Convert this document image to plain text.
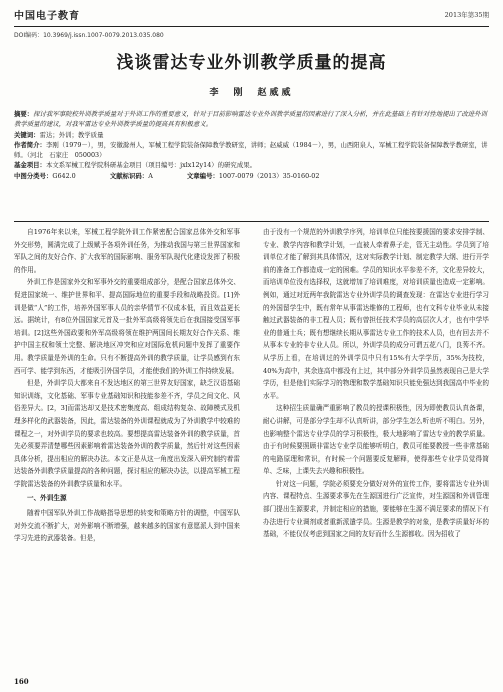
中国电子教育	2013年第35期
DOI编码：10.3969/j.issn.1007-0079.2013.035.080
浅谈雷达专业外训教学质量的提高
李　刚　赵威威

摘要：探讨我军事院校外训教学质量对于外训工作的重要意义，针对于目前影响雷达专业外训教学质量的因素进行了深入分析，并在此基础上有针对性地提出了改进外训教学质量的建议，对我军雷达专业外训教学质量的提高具有积极意义。

关键词：雷达；外训；教学质量

作者简介：李刚（1979－），男，安徽滁州人，军械工程学院装备保障教学教研室，讲师；赵威威（1984－），男，山西阳泉人，军械工程学院装备保障教学教研室，讲师。（河北　石家庄　050003）

基金项目：本文系军械工程学院科研基金项目（项目编号：jxlx12y14）的研究成果。

中图分类号：G642.0	文献标识码：A	文章编号：1007-0079（2013）35-0160-02

自1976年来以来，军械工程学院外训工作紧密配合国家总体外交和军事外交形势，圆满完成了上级赋予各项外训任务，为推动我国与第三世界国家和军队之间的友好合作、扩大我军的国际影响、服务军队现代化建设发挥了积极的作用。

外训工作是国家外交和军事外交的重要组成部分，是配合国家总体外交、促进国家统一、维护世界和平、提高国际地位的重要手段和战略投资。[1]外训是做“人”的工作，培养外国军事人员的亲华情节不仅成本低，而且效益更长远。据统计，有8位外国国家元首及一批外军高级将领先后在我国接受国军事培训。[2]这些外国政要和外军高级将领在维护两国间长期友好合作关系、维护中国主权和领土完整、解决地区冲突和应对国际危机问题中发挥了重要作用。教学质量是外训的生命。只有不断提高外训的教学质量，让学员感到有东西可学、能学到东西，才能吸引外国学员，才能使我们的外训工作持续发展。

但是，外训学员大都来自不发达地区的第三世界友好国家，缺乏汉语基础知识训练，文化基础、军事专业基础知识和技能参差不齐，学员之间文化、风俗差异大。[2，3]而雷达却又是技术密集度高、组成结构复杂、故障模式及机理多样化的武器装备，因此，雷达装备的外训课程就成为了外训教学中较难的课程之一，对外训学员的要求也较高。要想提高雷达装备外训的教学质量，首先必须要弄清楚哪些因素影响着雷达装备外训的教学质量，然后针对这些因素具体分析，提出相应的解决办法。本文正是从这一角度出发深入研究制约着雷达装备外训教学质量提高的各种问题，探讨相应的解决办法，以提高军械工程学院雷达装备的外训教学质量和水平。

一、外训生源

随着中国军队外训工作战略指导思想的转变和策略方针的调整，中国军队对外交流不断扩大，对外影响不断增强，越来越多的国家有意愿派人到中国来学习先进的武器装备。但是，

由于没有一个规范的外训教学序列，培训单位只能按要援国的要求安排学制、专业、教学内容和教学计划，一直被人牵着鼻子走，管无主动性。学员到了培训单位才能了解到其具体情况，这对实际教学计划、制定教学大纲、进行开学前的准备工作都造成一定的困难。学员的知识水平参差不齐，文化差异较大，而培训单位没有选择权，这就增加了培训难度，对培训质量也造成一定影响。例如，通过对近两年我院雷达专业外训学员的调查发现：在雷达专业进行学习的外国留学生中，既有常年从事雷达维修的工程师，也有文科专业毕业从未接触过武器装备的非工程人员；既有曾担任技术学员的高层次人才，也有中学毕业的普通士兵；既有想继续长期从事雷达专业工作的技术人员，也有回去并不从事本专业的非专业人员。所以，外训学员的成分可谓五花八门，良莠不齐。从学历上看，在培训过的外训学员中只有15%有大学学历，35%为技校，40%为高中，其余连高中都没有上过，其中部分外训学员虽然表现自己是大学学历，但是他们实际学习的物理和数学基础知识只能免强达到我国高中毕业的水平。

这种招生质量确严重影响了教员的授课积极性，因为即使教员认真备课，耐心讲解，可是部分学生却不认真听讲，部分学生怎么听也听不明白。另外，也影响整个雷达专业学员的学习积极性，极大地影响了雷达专业的教学质量。由于有时候要照顾非雷达专业学员能够听明白，教员可能要教授一些非常基础的电路原理和常识，有时候一个问题要反复解释，使得那些专业学员觉得简单、乏味，上课失去兴趣和积极性。

针对这一问题，学院必须要充分做好对外的宣传工作，要将雷达专业外训内容、课程特点、生源要求事先在生源国进行广泛宣传，对生源国和外训管理部门提出生源要求，并制定相应的措施，要能够在生源不满足要求的情况下有办法进行专业调剂或者重新派遣学员。生源是教学的对象，是教学质量好坏的基础，不能仅仅考虑到国家之间的友好而什么生源都收。因为招收了

160
